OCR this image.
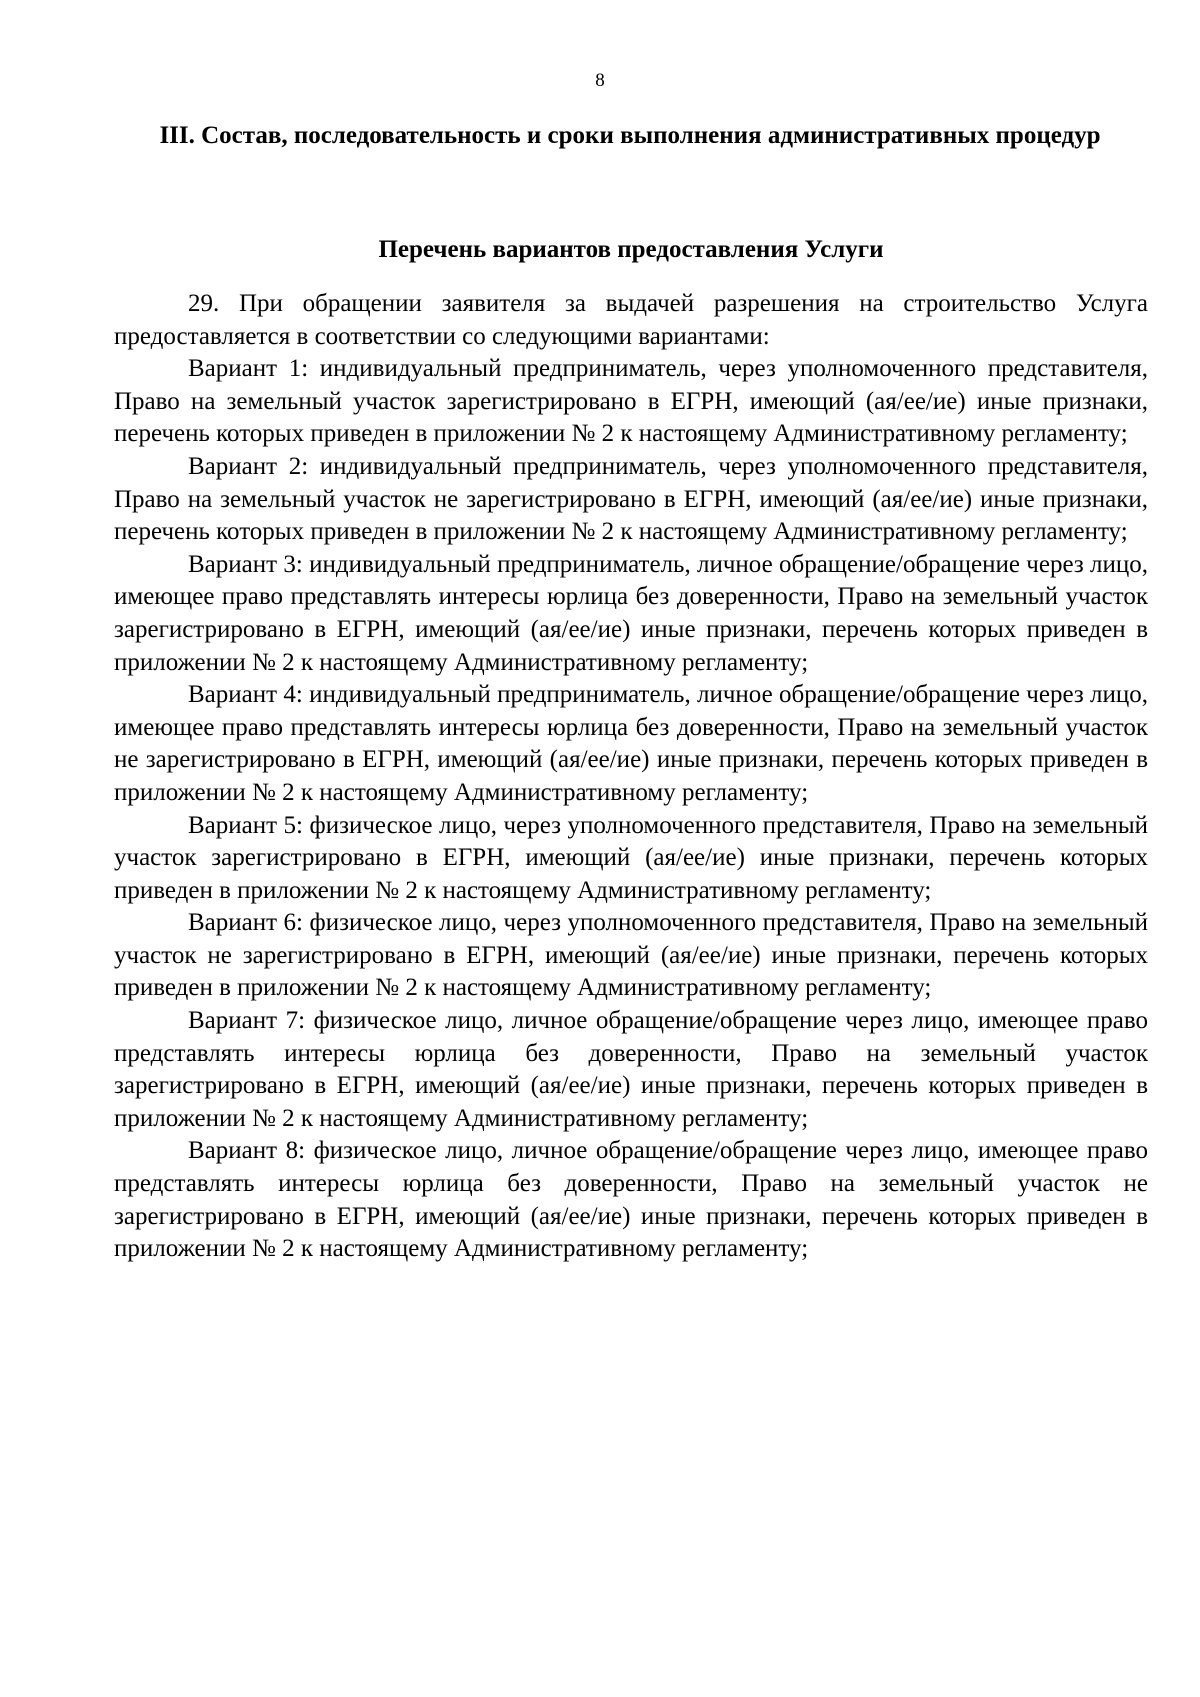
8
III. Состав, последовательность и сроки выполнения административных процедур
Перечень вариантов предоставления Услуги

29. При обращении заявителя за выдачей разрешения на строительство Услуга предоставляется в соответствии со следующими вариантами:

Вариант 1: индивидуальный предприниматель, через уполномоченного представителя, Право на земельный участок зарегистрировано в ЕГРН, имеющий (ая/ее/ие) иные признаки, перечень которых приведен в приложении № 2 к настоящему Административному регламенту;

Вариант 2: индивидуальный предприниматель, через уполномоченного представителя, Право на земельный участок не зарегистрировано в ЕГРН, имеющий (ая/ее/ие) иные признаки, перечень которых приведен в приложении № 2 к настоящему Административному регламенту;

Вариант 3: индивидуальный предприниматель, личное обращение/обращение через лицо, имеющее право представлять интересы юрлица без доверенности, Право на земельный участок зарегистрировано в ЕГРН, имеющий (ая/ее/ие) иные признаки, перечень которых приведен в приложении № 2 к настоящему Административному регламенту;

Вариант 4: индивидуальный предприниматель, личное обращение/обращение через лицо, имеющее право представлять интересы юрлица без доверенности, Право на земельный участок не зарегистрировано в ЕГРН, имеющий (ая/ее/ие) иные признаки, перечень которых приведен в приложении № 2 к настоящему Административному регламенту;

Вариант 5: физическое лицо, через уполномоченного представителя, Право на земельный участок зарегистрировано в ЕГРН, имеющий (ая/ее/ие) иные признаки, перечень которых приведен в приложении № 2 к настоящему Административному регламенту;

Вариант 6: физическое лицо, через уполномоченного представителя, Право на земельный участок не зарегистрировано в ЕГРН, имеющий (ая/ее/ие) иные признаки, перечень которых приведен в приложении № 2 к настоящему Административному регламенту;

Вариант 7: физическое лицо, личное обращение/обращение через лицо, имеющее право представлять интересы юрлица без доверенности, Право на земельный участок зарегистрировано в ЕГРН, имеющий (ая/ее/ие) иные признаки, перечень которых приведен в приложении № 2 к настоящему Административному регламенту;

Вариант 8: физическое лицо, личное обращение/обращение через лицо, имеющее право представлять интересы юрлица без доверенности, Право на земельный участок не зарегистрировано в ЕГРН, имеющий (ая/ее/ие) иные признаки, перечень которых приведен в приложении № 2 к настоящему Административному регламенту;
